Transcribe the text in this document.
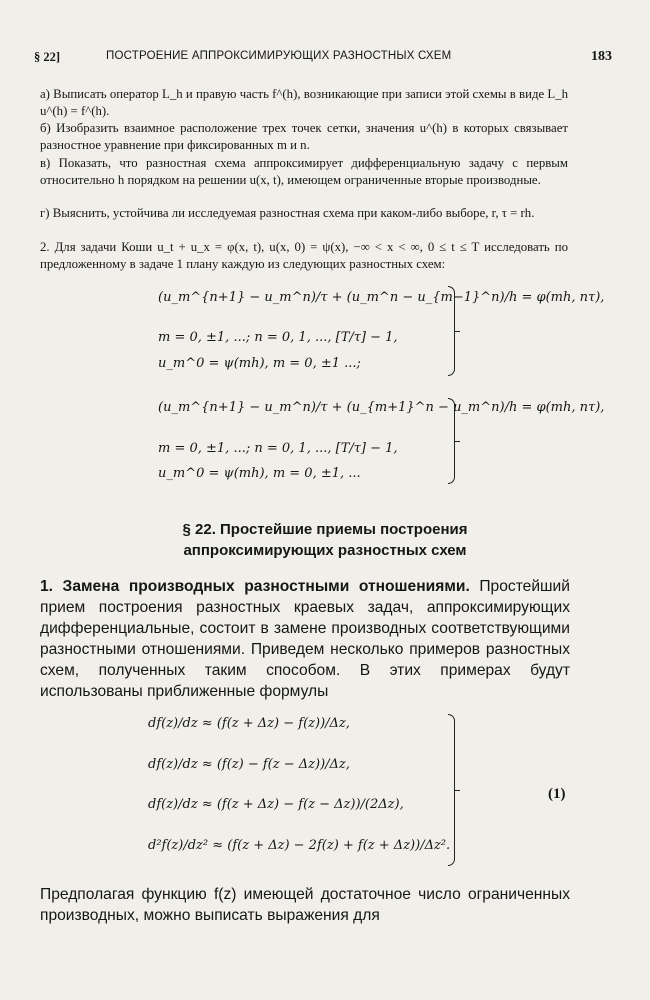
§ 22]	ПОСТРОЕНИЕ АППРОКСИМИРУЮЩИХ РАЗНОСТНЫХ СХЕМ	183
а) Выписать оператор L_h и правую часть f^(h), возникающие при записи этой схемы в виде L_h u^(h) = f^(h).
б) Изобразить взаимное расположение трех точек сетки, значения u^(h) в которых связывает разностное уравнение при фиксированных m и n.
в) Показать, что разностная схема аппроксимирует дифференциальную задачу с первым относительно h порядком на решении u(x, t), имеющем ограниченные вторые производные.
г) Выяснить, устойчива ли исследуемая разностная схема при каком-либо выборе, r, τ = rh.
2. Для задачи Коши u_t + u_x = φ(x, t), u(x, 0) = ψ(x), −∞ < x < ∞, 0 ≤ t ≤ T исследовать по предложенному в задаче 1 плану каждую из следующих разностных схем:
(u_m^{n+1} − u_m^n)/τ + (u_m^n − u_{m−1}^n)/h = φ(mh, nτ),
m = 0, ±1, ...; n = 0, 1, ..., [T/τ] − 1,
u_m^0 = ψ(mh), m = 0, ±1 ...;
(u_m^{n+1} − u_m^n)/τ + (u_{m+1}^n − u_m^n)/h = φ(mh, nτ),
m = 0, ±1, ...; n = 0, 1, ..., [T/τ] − 1,
u_m^0 = ψ(mh), m = 0, ±1, ...
§ 22. Простейшие приемы построения
аппроксимирующих разностных схем
1. Замена производных разностными отношениями. Простейший прием построения разностных краевых задач, аппроксимирующих дифференциальные, состоит в замене производных соответствующими разностными отношениями. Приведем несколько примеров разностных схем, полученных таким способом. В этих примерах будут использованы приближенные формулы
df(z)/dz ≈ (f(z + Δz) − f(z))/Δz,
df(z)/dz ≈ (f(z) − f(z − Δz))/Δz,
df(z)/dz ≈ (f(z + Δz) − f(z − Δz))/(2Δz),
d²f(z)/dz² ≈ (f(z + Δz) − 2f(z) + f(z + Δz))/Δz².
(1)
Предполагая функцию f(z) имеющей достаточное число ограниченных производных, можно выписать выражения для
